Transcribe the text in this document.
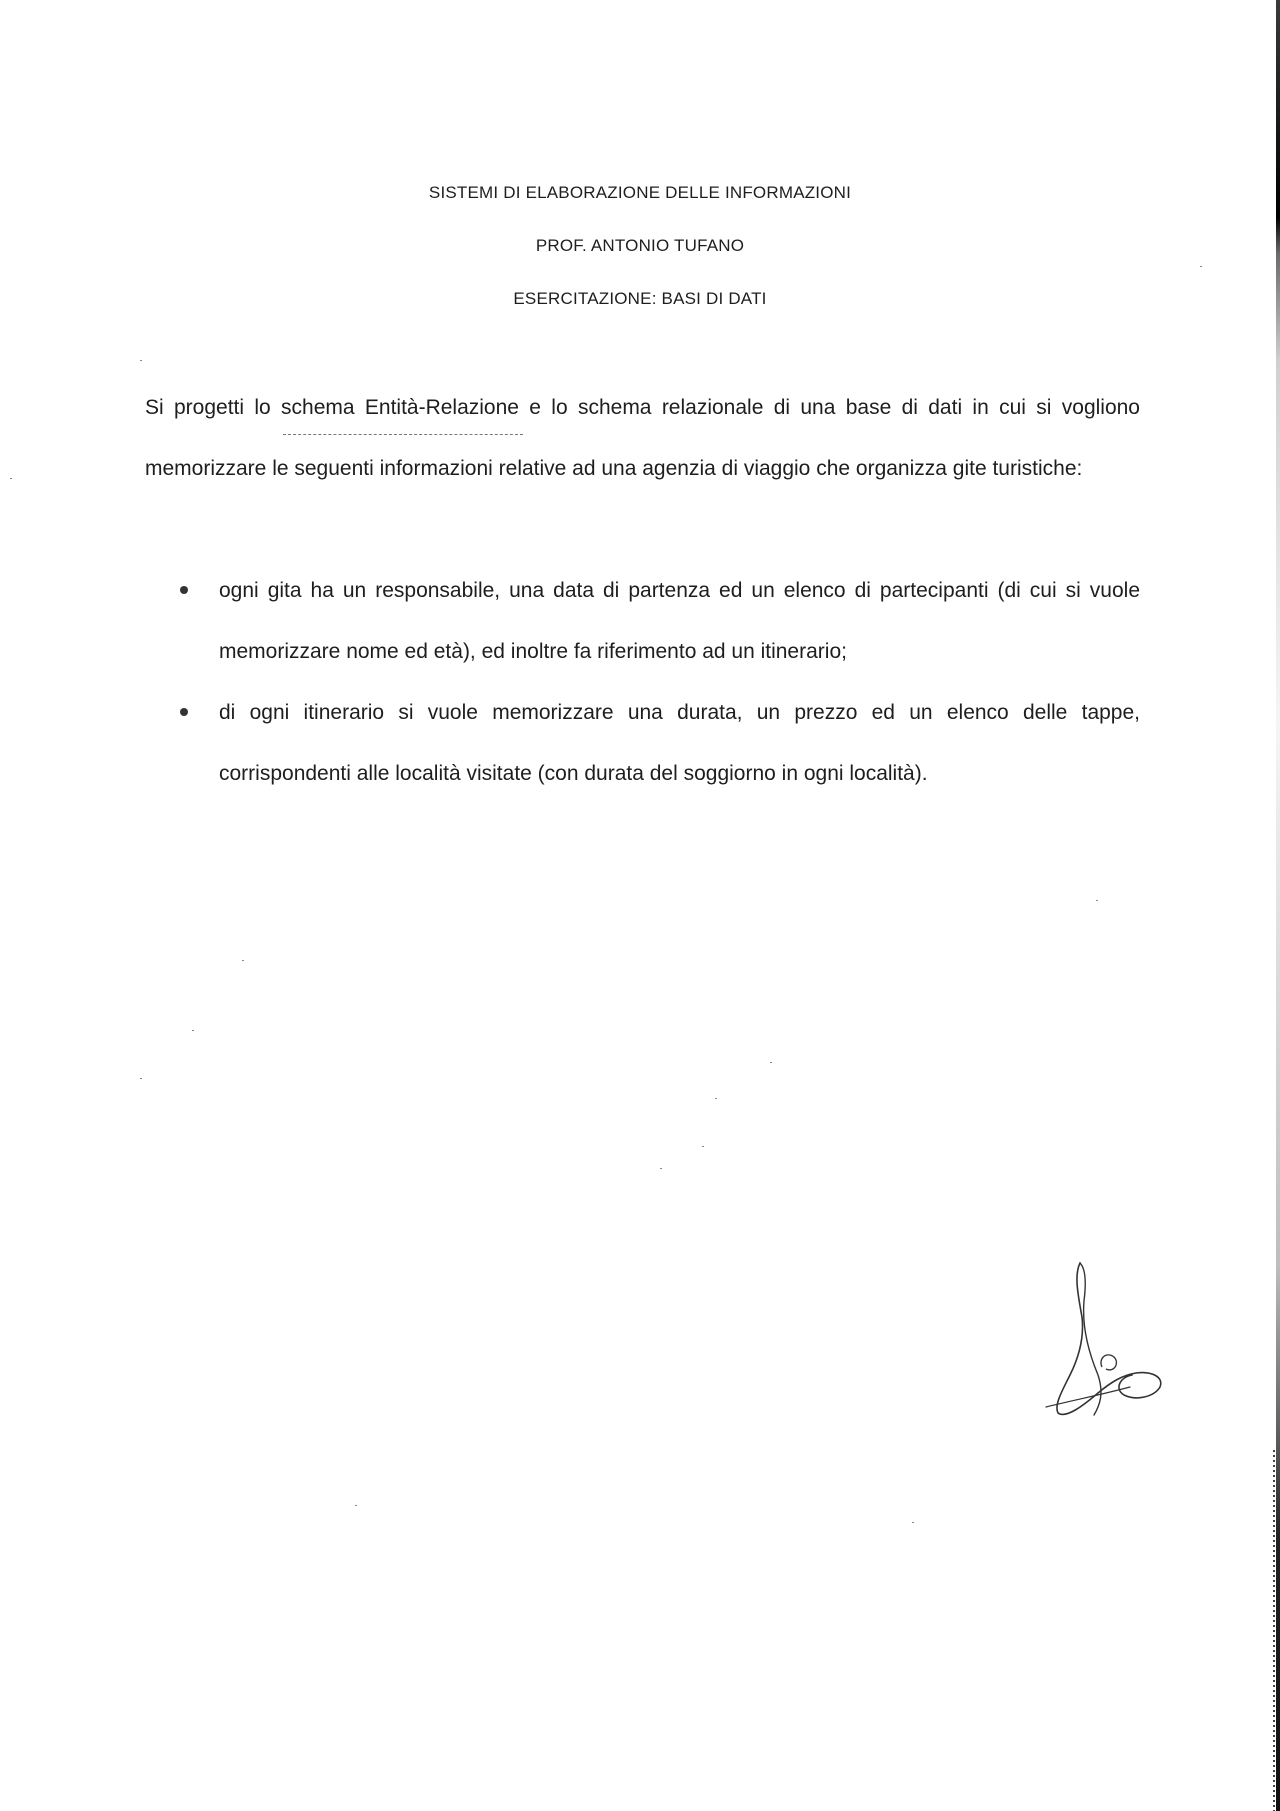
SISTEMI DI ELABORAZIONE DELLE INFORMAZIONI
PROF. ANTONIO TUFANO
ESERCITAZIONE: BASI DI DATI
Si progetti lo schema Entità-Relazione e lo schema relazionale di una base di dati in cui si vogliono memorizzare le seguenti informazioni relative ad una agenzia di viaggio che organizza gite turistiche:
ogni gita ha un responsabile, una data di partenza ed un elenco di partecipanti (di cui si vuole memorizzare nome ed età), ed inoltre fa riferimento ad un itinerario;
di ogni itinerario si vuole memorizzare una durata, un prezzo ed un elenco delle tappe, corrispondenti alle località visitate (con durata del soggiorno in ogni località).
